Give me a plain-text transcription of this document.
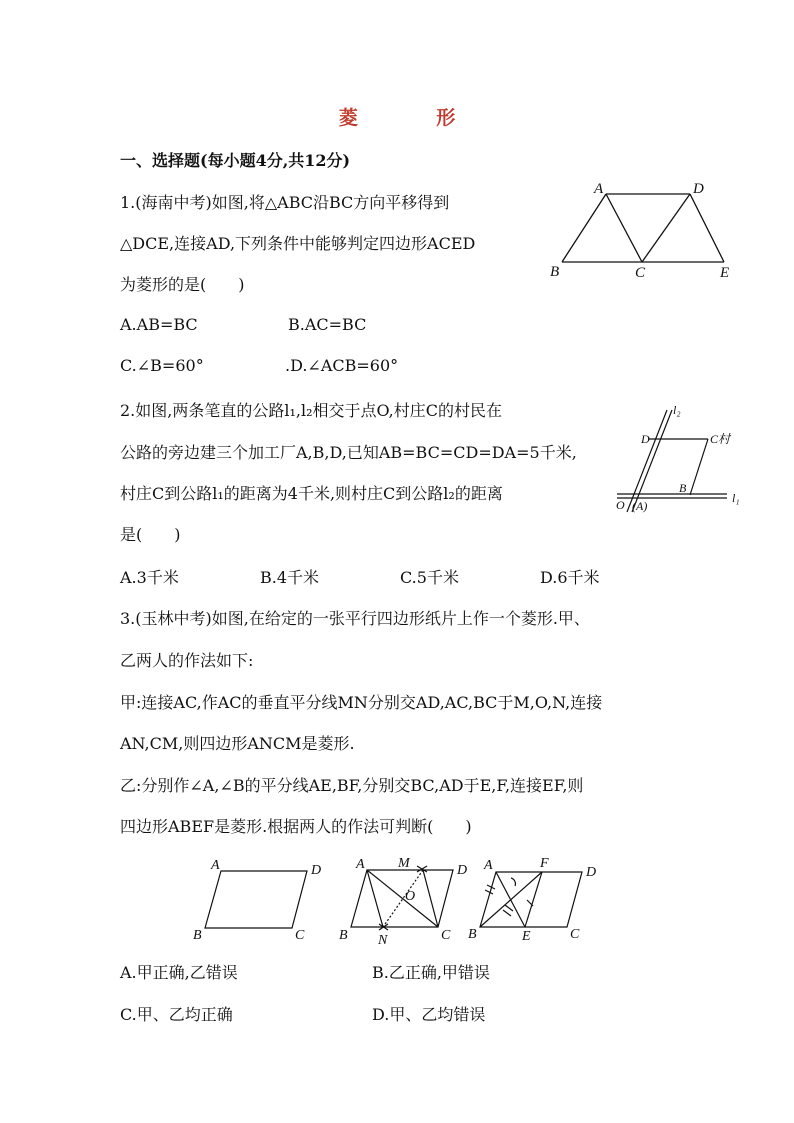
菱 形
一、选择题(每小题4分,共12分)
1.(海南中考)如图,将△ABC沿BC方向平移得到
△DCE,连接AD,下列条件中能够判定四边形ACED
为菱形的是(　　)
A.AB=BC	B.AC=BC
C.∠B=60°	.D.∠ACB=60°
A	D
B	C	E
2.如图,两条笔直的公路l₁,l₂相交于点O,村庄C的村民在
公路的旁边建三个加工厂A,B,D,已知AB=BC=CD=DA=5千米,
村庄C到公路l₁的距离为4千米,则村庄C到公路l₂的距离
是(　　)
A.3千米	B.4千米	C.5千米	D.6千米
l₂
l₁
D	C村
B
O (A)
3.(玉林中考)如图,在给定的一张平行四边形纸片上作一个菱形.甲、
乙两人的作法如下:
甲:连接AC,作AC的垂直平分线MN分别交AD,AC,BC于M,O,N,连接
AN,CM,则四边形ANCM是菱形.
乙:分别作∠A,∠B的平分线AE,BF,分别交BC,AD于E,F,连接EF,则
四边形ABEF是菱形.根据两人的作法可判断(　　)
A	D
B	C
A M	D
O
B N	C
A	F
D
B	E	C
A.甲正确,乙错误	B.乙正确,甲错误
C.甲、乙均正确	D.甲、乙均错误
